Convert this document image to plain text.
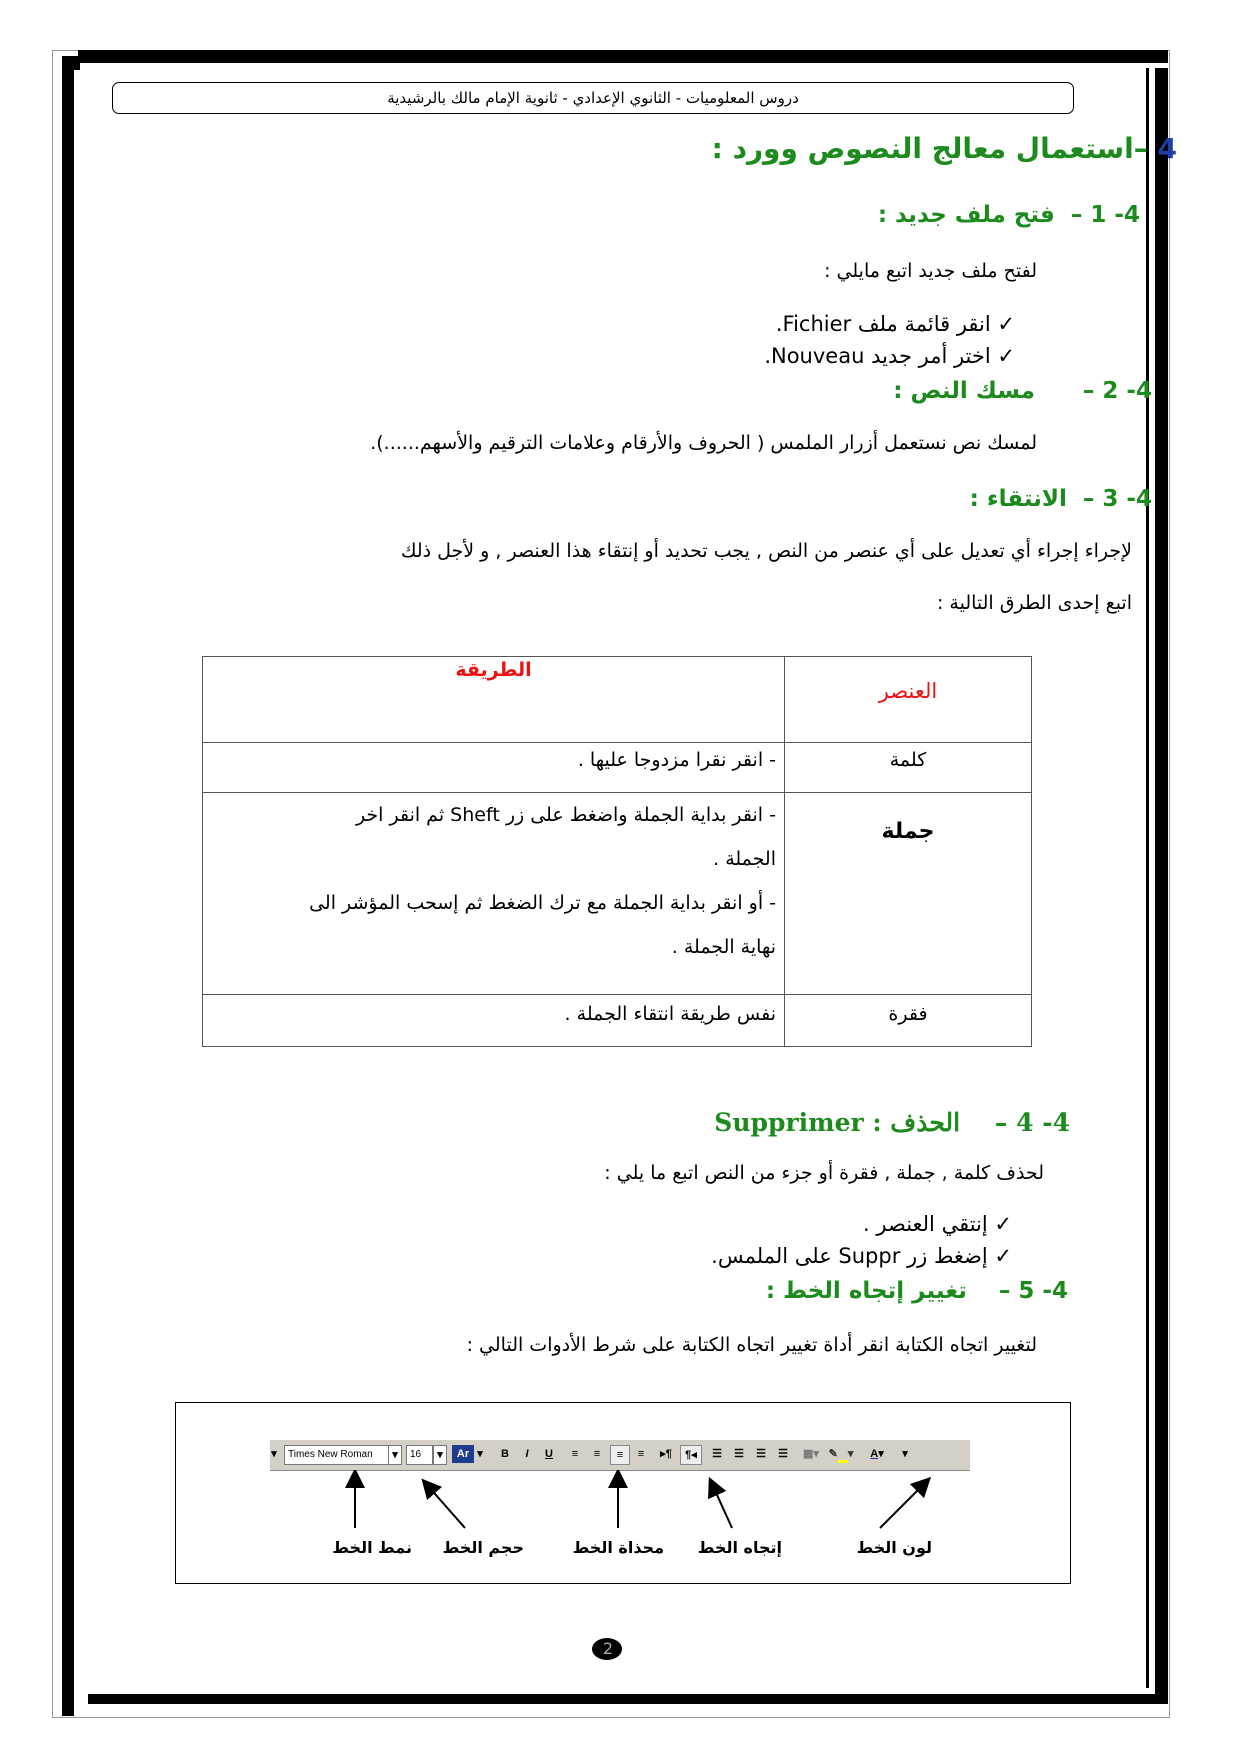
دروس المعلوميات - الثانوي الإعدادي - ثانوية الإمام مالك بالرشيدية
4 –استعمال معالج النصوص وورد :
4- 1 –  فتح ملف جديد :
لفتح ملف جديد اتبع مايلي :
✓ انقر قائمة ملف Fichier.
✓ اختر أمر جديد Nouveau.
4- 2 –      مسك النص :
لمسك نص نستعمل أزرار الملمس ( الحروف والأرقام وعلامات الترقيم والأسهم......).
4- 3 –  الانتقاء :
لإجراء إجراء أي تعديل على أي عنصر من النص , يجب تحديد أو إنتقاء هذا العنصر , و لأجل ذلك
اتبع إحدى الطرق التالية :
العنصر	الطريقة
كلمة	- انقر نقرا مزدوجا عليها .
جملة	- انقر بداية الجملة واضغط على زر Sheft ثم انقر اخر
الجملة .
- أو انقر بداية الجملة مع ترك الضغط ثم إسحب المؤشر الى
نهاية الجملة .

فقرة	نفس طريقة انتقاء الجملة .
4- 4 –    الحذف : Supprimer
لحذف كلمة , جملة , فقرة أو جزء من النص اتبع ما يلي :
✓ إنتقي العنصر .
✓ إضغط زر Suppr على الملمس.
4- 5 –    تغيير إتجاه الخط :
لتغيير اتجاه الكتابة انقر أداة تغيير اتجاه الكتابة على شرط الأدوات التالي :
▾	Times New Roman	▾	16	▾	Ar ▾	B	I	U	≡	≡	≡	≡	▸¶	¶◂	☰	☰	☰	☰	▦▾ ✎ ▾	A▾	▾
نمط الخط حجم الخط	محذاة الخط إتجاه الخط	لون الخط
2
